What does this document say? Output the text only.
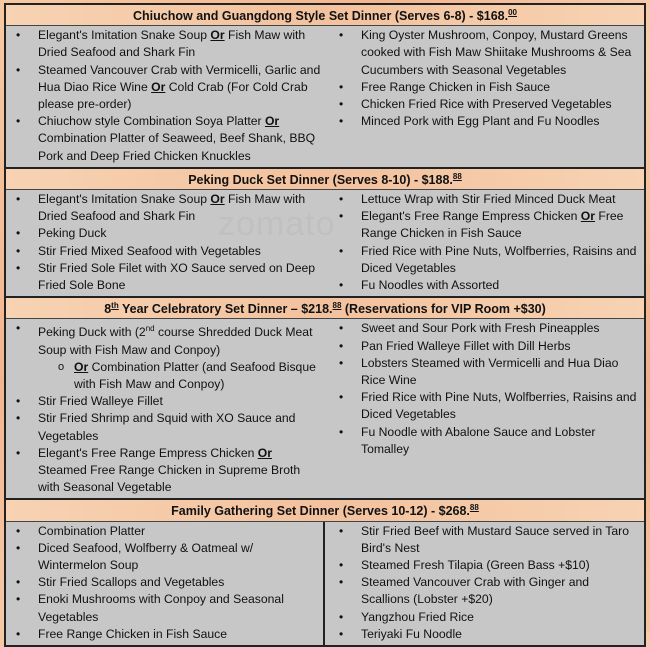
Chiuchow and Guangdong Style Set Dinner (Serves 6-8) - $168.00
• Elegant's Imitation Snake Soup Or Fish Maw with Dried Seafood and Shark Fin
• Steamed Vancouver Crab with Vermicelli, Garlic and Hua Diao Rice Wine Or Cold Crab (For Cold Crab please pre-order)
• Chiuchow style Combination Soya Platter Or Combination Platter of Seaweed, Beef Shank, BBQ Pork and Deep Fried Chicken Knuckles
• King Oyster Mushroom, Conpoy, Mustard Greens cooked with Fish Maw Shiitake Mushrooms & Sea Cucumbers with Seasonal Vegetables
• Free Range Chicken in Fish Sauce
• Chicken Fried Rice with Preserved Vegetables
• Minced Pork with Egg Plant and Fu Noodles
Peking Duck Set Dinner (Serves 8-10) - $188.88
• Elegant's Imitation Snake Soup Or Fish Maw with Dried Seafood and Shark Fin
• Peking Duck
• Stir Fried Mixed Seafood with Vegetables
• Stir Fried Sole Filet with XO Sauce served on Deep Fried Sole Bone
• Lettuce Wrap with Stir Fried Minced Duck Meat
• Elegant's Free Range Empress Chicken Or Free Range Chicken in Fish Sauce
• Fried Rice with Pine Nuts, Wolfberries, Raisins and Diced Vegetables
• Fu Noodles with Assorted
8th Year Celebratory Set Dinner – $218.88 (Reservations for VIP Room +$30)
• Peking Duck with (2nd course Shredded Duck Meat Soup with Fish Maw and Conpoy)
o Or Combination Platter (and Seafood Bisque with Fish Maw and Conpoy)
• Stir Fried Walleye Fillet
• Stir Fried Shrimp and Squid with XO Sauce and Vegetables
• Elegant's Free Range Empress Chicken Or Steamed Free Range Chicken in Supreme Broth with Seasonal Vegetable
• Sweet and Sour Pork with Fresh Pineapples
• Pan Fried Walleye Fillet with Dill Herbs
• Lobsters Steamed with Vermicelli and Hua Diao Rice Wine
• Fried Rice with Pine Nuts, Wolfberries, Raisins and Diced Vegetables
• Fu Noodle with Abalone Sauce and Lobster Tomalley
Family Gathering Set Dinner (Serves 10-12) - $268.88
• Combination Platter
• Diced Seafood, Wolfberry & Oatmeal w/ Wintermelon Soup
• Stir Fried Scallops and Vegetables
• Enoki Mushrooms with Conpoy and Seasonal Vegetables
• Free Range Chicken in Fish Sauce
• Stir Fried Beef with Mustard Sauce served in Taro Bird's Nest
• Steamed Fresh Tilapia (Green Bass +$10)
• Steamed Vancouver Crab with Ginger and Scallions (Lobster +$20)
• Yangzhou Fried Rice
• Teriyaki Fu Noodle
zomato
